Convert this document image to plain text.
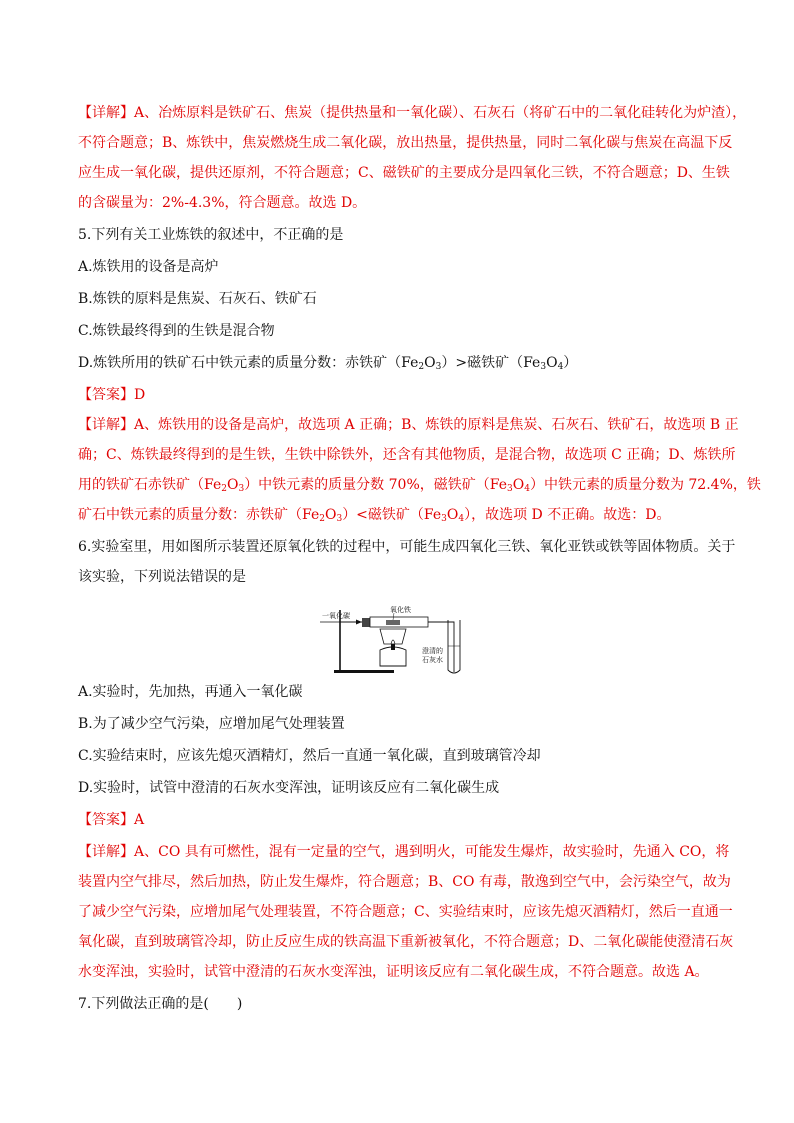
【详解】A、冶炼原料是铁矿石、焦炭（提供热量和一氧化碳）、石灰石（将矿石中的二氧化硅转化为炉渣），
不符合题意；B、炼铁中，焦炭燃烧生成二氧化碳，放出热量，提供热量，同时二氧化碳与焦炭在高温下反
应生成一氧化碳，提供还原剂，不符合题意；C、磁铁矿的主要成分是四氧化三铁，不符合题意；D、生铁
的含碳量为：2%-4.3%，符合题意。故选 D。
5.下列有关工业炼铁的叙述中，不正确的是
A.炼铁用的设备是高炉
B.炼铁的原料是焦炭、石灰石、铁矿石
C.炼铁最终得到的生铁是混合物
D.炼铁所用的铁矿石中铁元素的质量分数：赤铁矿$(Fe_2O_3)>$磁铁矿$(Fe_3O_4)$
【答案】D
【详解】A、炼铁用的设备是高炉，故选项 A 正确；B、炼铁的原料是焦炭、石灰石、铁矿石，故选项 B 正
确；C、炼铁最终得到的是生铁，生铁中除铁外，还含有其他物质，是混合物，故选项 C 正确；D、炼铁所
用的铁矿石赤铁矿$(Fe_2O_3)$中铁元素的质量分数 70%，磁铁矿$(Fe_3O_4)$中铁元素的质量分数为 72.4%，铁
矿石中铁元素的质量分数：赤铁矿$(Fe_2O_3)<$磁铁矿$(Fe_3O_4)$，故选项 D 不正确。故选：D。
6.实验室里，用如图所示装置还原氧化铁的过程中，可能生成四氧化三铁、氧化亚铁或铁等固体物质。关于
该实验，下列说法错误的是
一氧化碳
氧化铁
澄清的
石灰水
A.实验时，先加热，再通入一氧化碳
B.为了减少空气污染，应增加尾气处理装置
C.实验结束时，应该先熄灭酒精灯，然后一直通一氧化碳，直到玻璃管冷却
D.实验时，试管中澄清的石灰水变浑浊，证明该反应有二氧化碳生成
【答案】A
【详解】A、CO 具有可燃性，混有一定量的空气，遇到明火，可能发生爆炸，故实验时，先通入 CO，将
装置内空气排尽，然后加热，防止发生爆炸，符合题意；B、CO 有毒，散逸到空气中，会污染空气，故为
了减少空气污染，应增加尾气处理装置，不符合题意；C、实验结束时，应该先熄灭酒精灯，然后一直通一
氧化碳，直到玻璃管冷却，防止反应生成的铁高温下重新被氧化，不符合题意；D、二氧化碳能使澄清石灰
水变浑浊，实验时，试管中澄清的石灰水变浑浊，证明该反应有二氧化碳生成，不符合题意。故选 A。
7.下列做法正确的是(　　)
